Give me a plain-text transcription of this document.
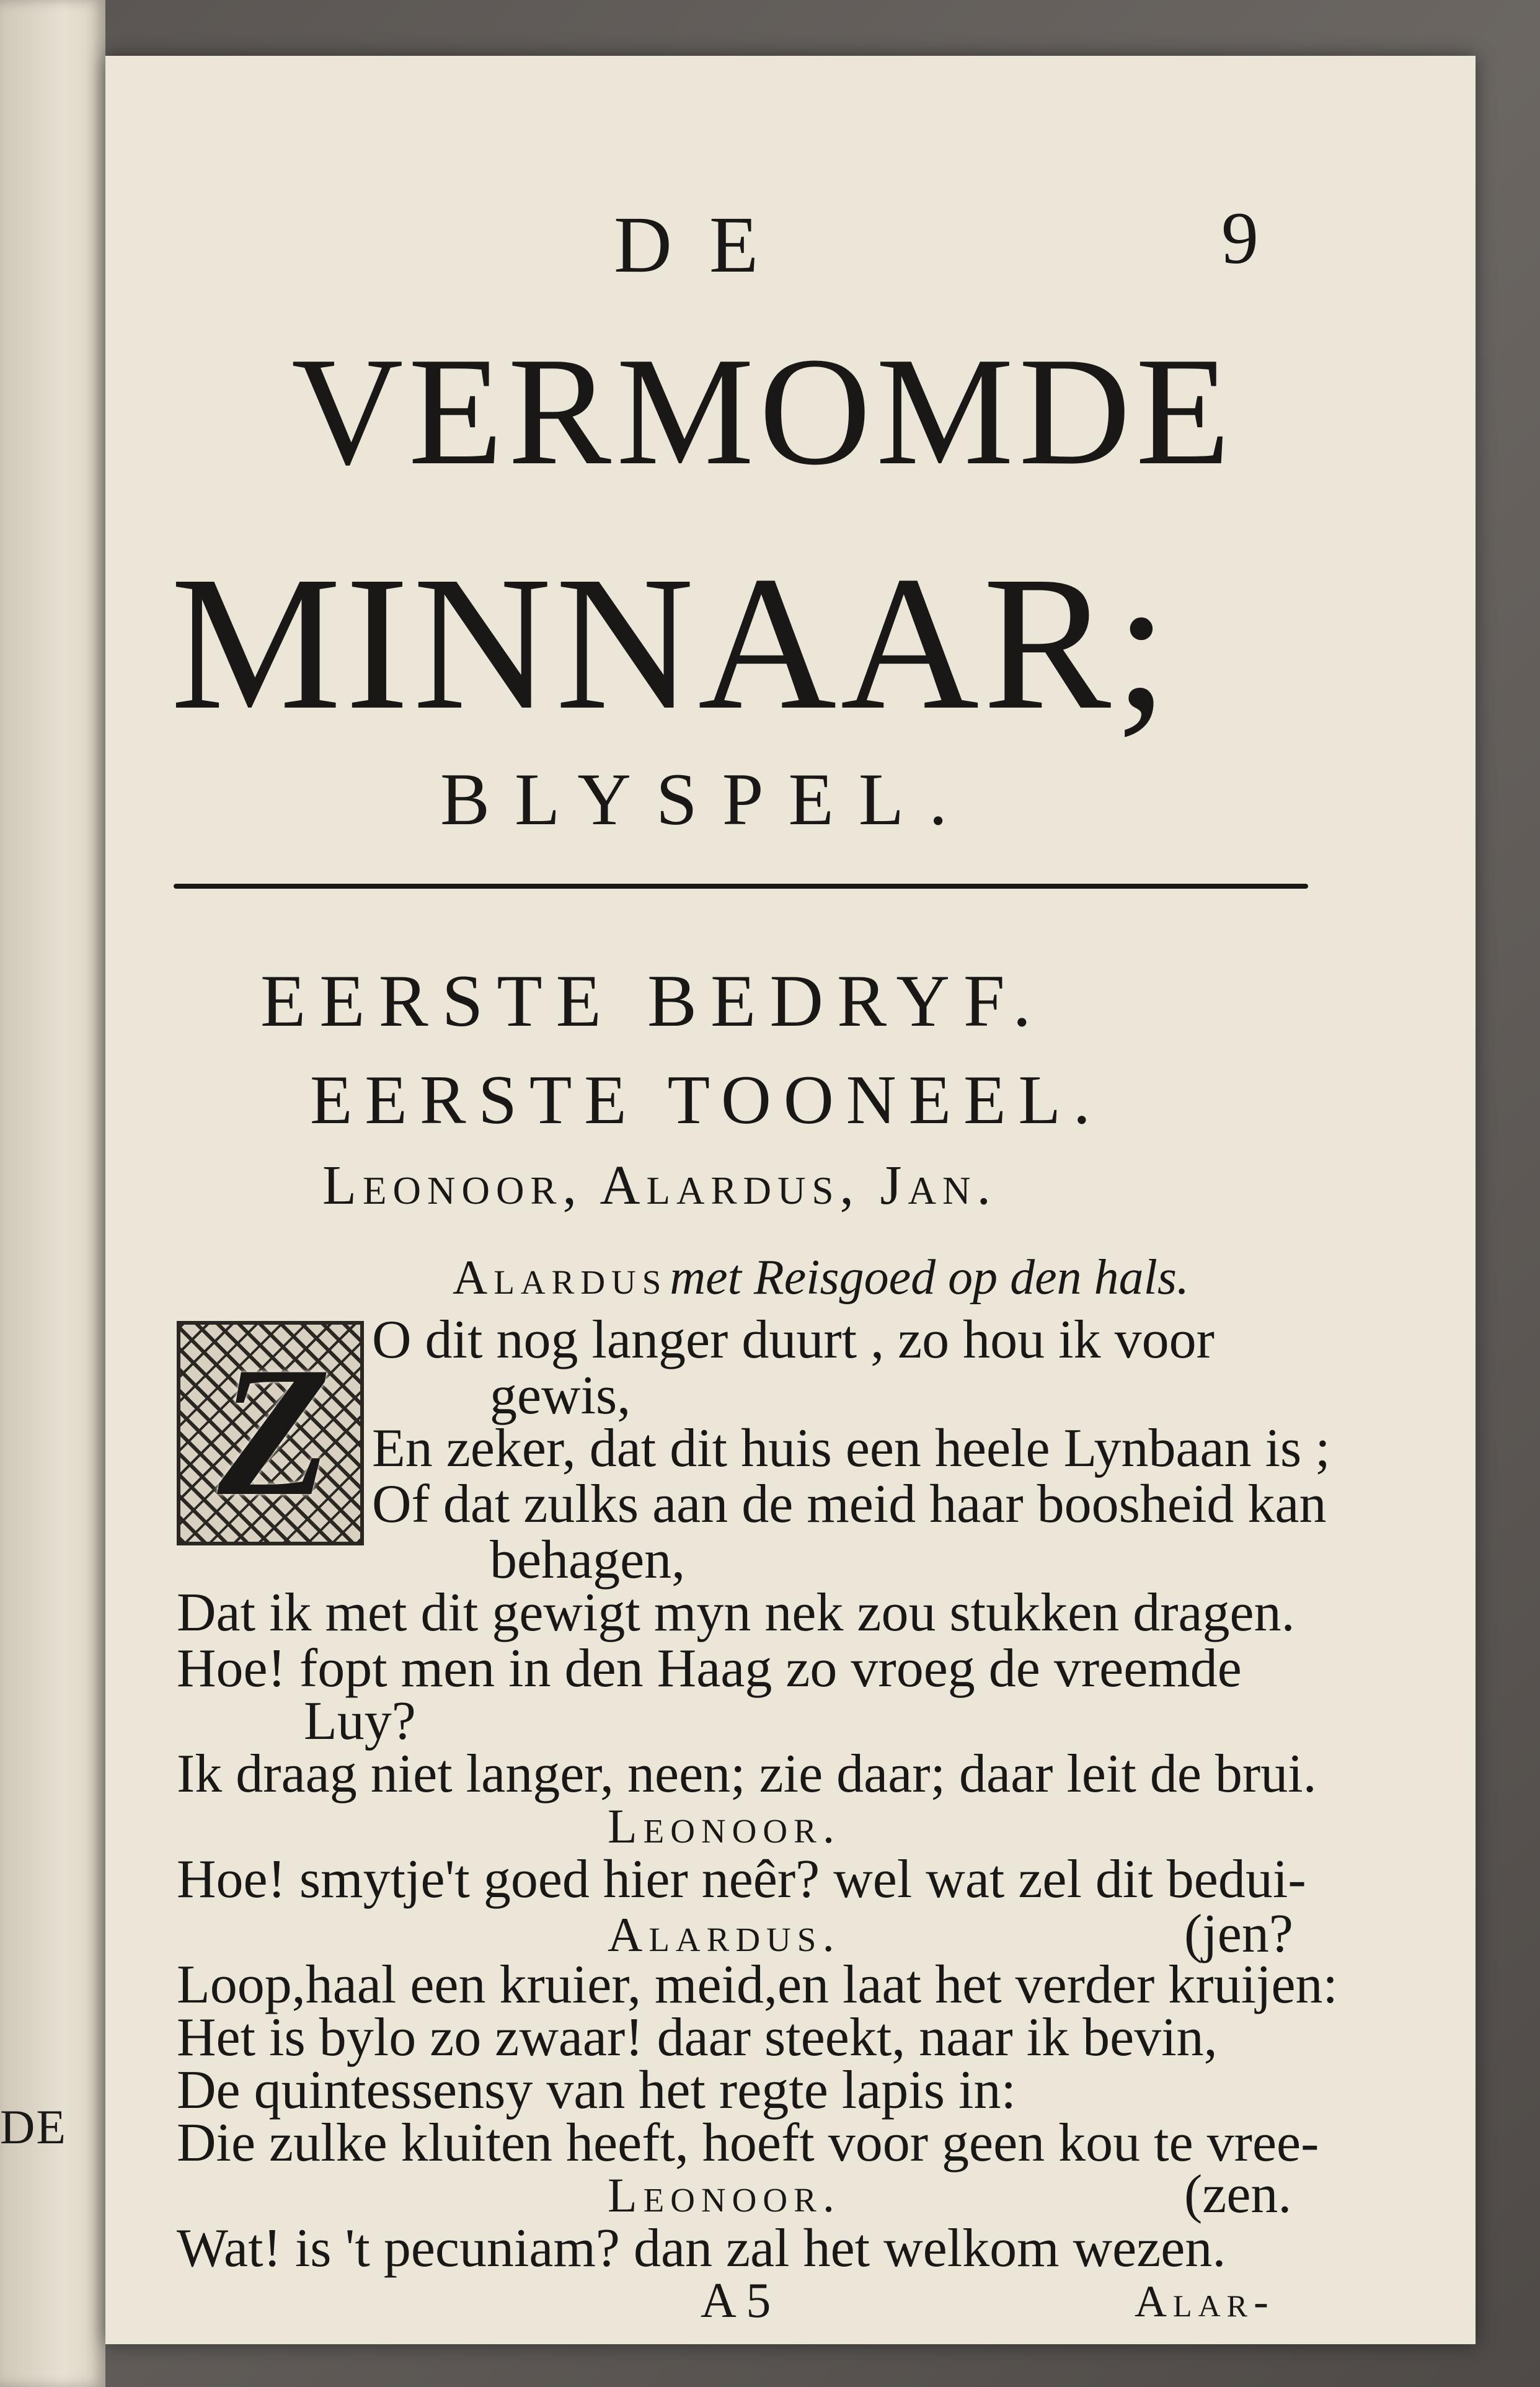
DE
DE	9
VERMOMDE
MINNAAR;
BLYSPEL.
EERSTE BEDRYF.
EERSTE TOONEEL.
Leonoor, Alardus, Jan.
Alardus met Reisgoed op den hals.
Z O dit nog langer duurt , zo hou ik voor
gewis,
En zeker, dat dit huis een heele Lynbaan is ;
Of dat zulks aan de meid haar boosheid kan
behagen,
Dat ik met dit gewigt myn nek zou stukken dragen.
Hoe! fopt men in den Haag zo vroeg de vreemde
Luy?
Ik draag niet langer, neen; zie daar; daar leit de brui.
Leonoor.
Hoe! smytje't goed hier neêr? wel wat zel dit bedui-
Alardus.	(jen?
Loop,haal een kruier, meid,en laat het verder kruijen:
Het is bylo zo zwaar! daar steekt, naar ik bevin,
De quintessensy van het regte lapis in:
Die zulke kluiten heeft, hoeft voor geen kou te vree-
Leonoor.	(zen.
Wat! is 't pecuniam? dan zal het welkom wezen.
A 5	Alar-
